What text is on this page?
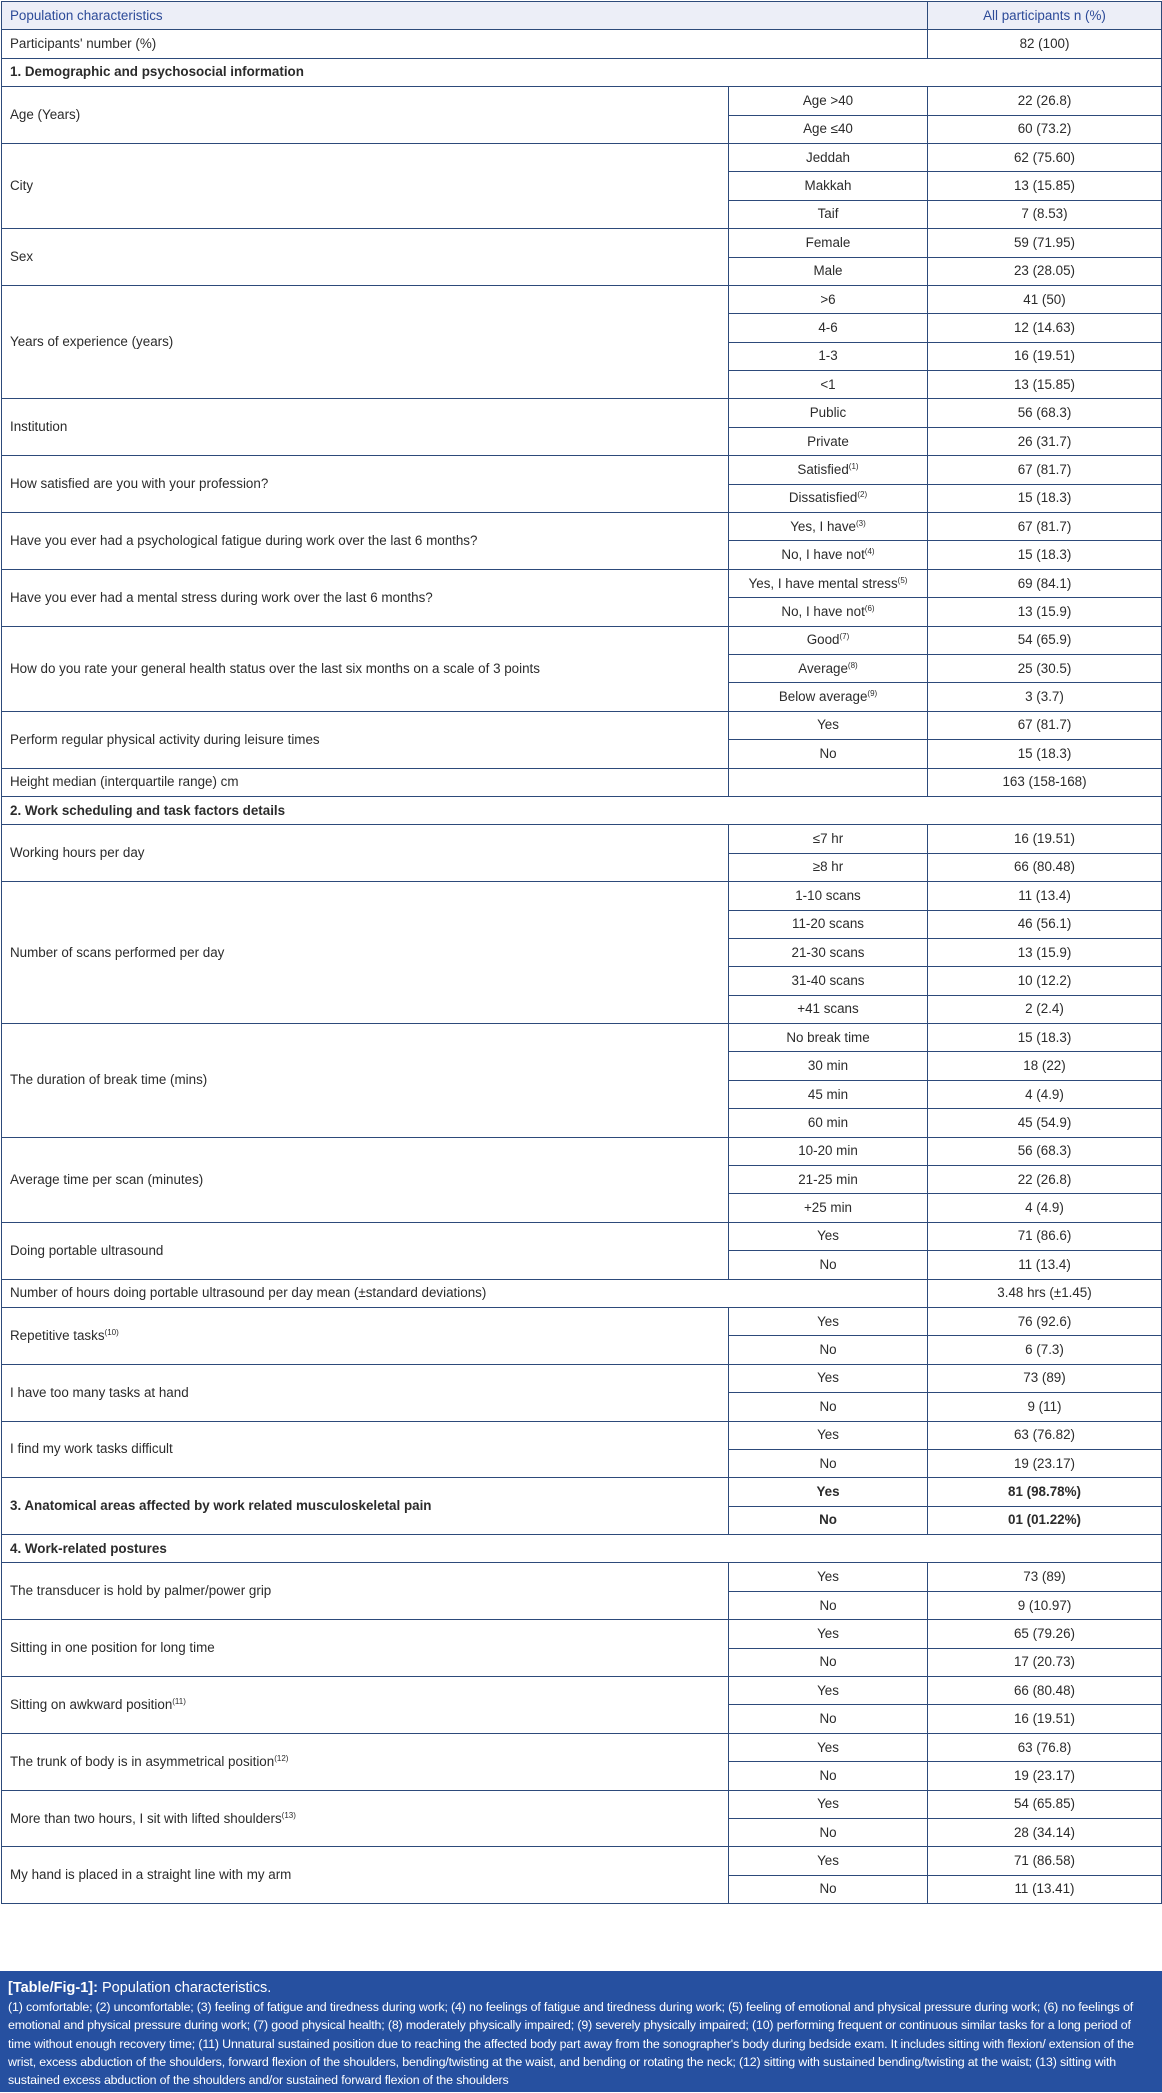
Population characteristics		All participants n (%)
Participants' number (%)		82 (100)
1. Demographic and psychosocial information		
Age (Years)	Age >40	22 (26.8)
	Age ≤40	60 (73.2)
City	Jeddah	62 (75.60)
	Makkah	13 (15.85)
	Taif	7 (8.53)
Sex	Female	59 (71.95)
	Male	23 (28.05)
Years of experience (years)	>6	41 (50)
	4-6	12 (14.63)
	1-3	16 (19.51)
	<1	13 (15.85)
Institution	Public	56 (68.3)
	Private	26 (31.7)
How satisfied are you with your profession?	Satisfied$^{(1)}$	67 (81.7)
	Dissatisfied$^{(2)}$	15 (18.3)
Have you ever had a psychological fatigue during work over the last 6 months?	Yes, I have$^{(3)}$	67 (81.7)
	No, I have not$^{(4)}$	15 (18.3)
Have you ever had a mental stress during work over the last 6 months?	Yes, I have mental stress$^{(5)}$	69 (84.1)
	No, I have not$^{(6)}$	13 (15.9)
How do you rate your general health status over the last six months on a scale of 3 points	Good$^{(7)}$	54 (65.9)
	Average$^{(8)}$	25 (30.5)
	Below average$^{(9)}$	3 (3.7)
Perform regular physical activity during leisure times	Yes	67 (81.7)
	No	15 (18.3)
Height median (interquartile range) cm		163 (158-168)
2. Work scheduling and task factors details		
Working hours per day	≤7 hr	16 (19.51)
	≥8 hr	66 (80.48)
Number of scans performed per day	1-10 scans	11 (13.4)
	11-20 scans	46 (56.1)
	21-30 scans	13 (15.9)
	31-40 scans	10 (12.2)
	+41 scans	2 (2.4)
The duration of break time (mins)	No break time	15 (18.3)
	30 min	18 (22)
	45 min	4 (4.9)
	60 min	45 (54.9)
Average time per scan (minutes)	10-20 min	56 (68.3)
	21-25 min	22 (26.8)
	+25 min	4 (4.9)
Doing portable ultrasound	Yes	71 (86.6)
	No	11 (13.4)
Number of hours doing portable ultrasound per day mean (±standard deviations)		3.48 hrs (±1.45)
Repetitive tasks$^{(10)}$	Yes	76 (92.6)
	No	6 (7.3)
I have too many tasks at hand	Yes	73 (89)
	No	9 (11)
I find my work tasks difficult	Yes	63 (76.82)
	No	19 (23.17)
3. Anatomical areas affected by work related musculoskeletal pain	Yes	81 (98.78%)
	No	01 (01.22%)
4. Work-related postures		
The transducer is hold by palmer/power grip	Yes	73 (89)
	No	9 (10.97)
Sitting in one position for long time	Yes	65 (79.26)
	No	17 (20.73)
Sitting on awkward position$^{(11)}$	Yes	66 (80.48)
	No	16 (19.51)
The trunk of body is in asymmetrical position$^{(12)}$	Yes	63 (76.8)
	No	19 (23.17)
More than two hours, I sit with lifted shoulders$^{(13)}$	Yes	54 (65.85)
	No	28 (34.14)
My hand is placed in a straight line with my arm	Yes	71 (86.58)
	No	11 (13.41)
[Table/Fig-1]: Population characteristics.
(1) comfortable; (2) uncomfortable; (3) feeling of fatigue and tiredness during work; (4) no feelings of fatigue and tiredness during work; (5) feeling of emotional and physical pressure during work; (6) no feelings of emotional and physical pressure during work; (7) good physical health; (8) moderately physically impaired; (9) severely physically impaired; (10) performing frequent or continuous similar tasks for a long period of time without enough recovery time; (11) Unnatural sustained position due to reaching the affected body part away from the sonographer's body during bedside exam. It includes sitting with flexion/ extension of the wrist, excess abduction of the shoulders, forward flexion of the shoulders, bending/twisting at the waist, and bending or rotating the neck; (12) sitting with sustained bending/twisting at the waist; (13) sitting with sustained excess abduction of the shoulders and/or sustained forward flexion of the shoulders
